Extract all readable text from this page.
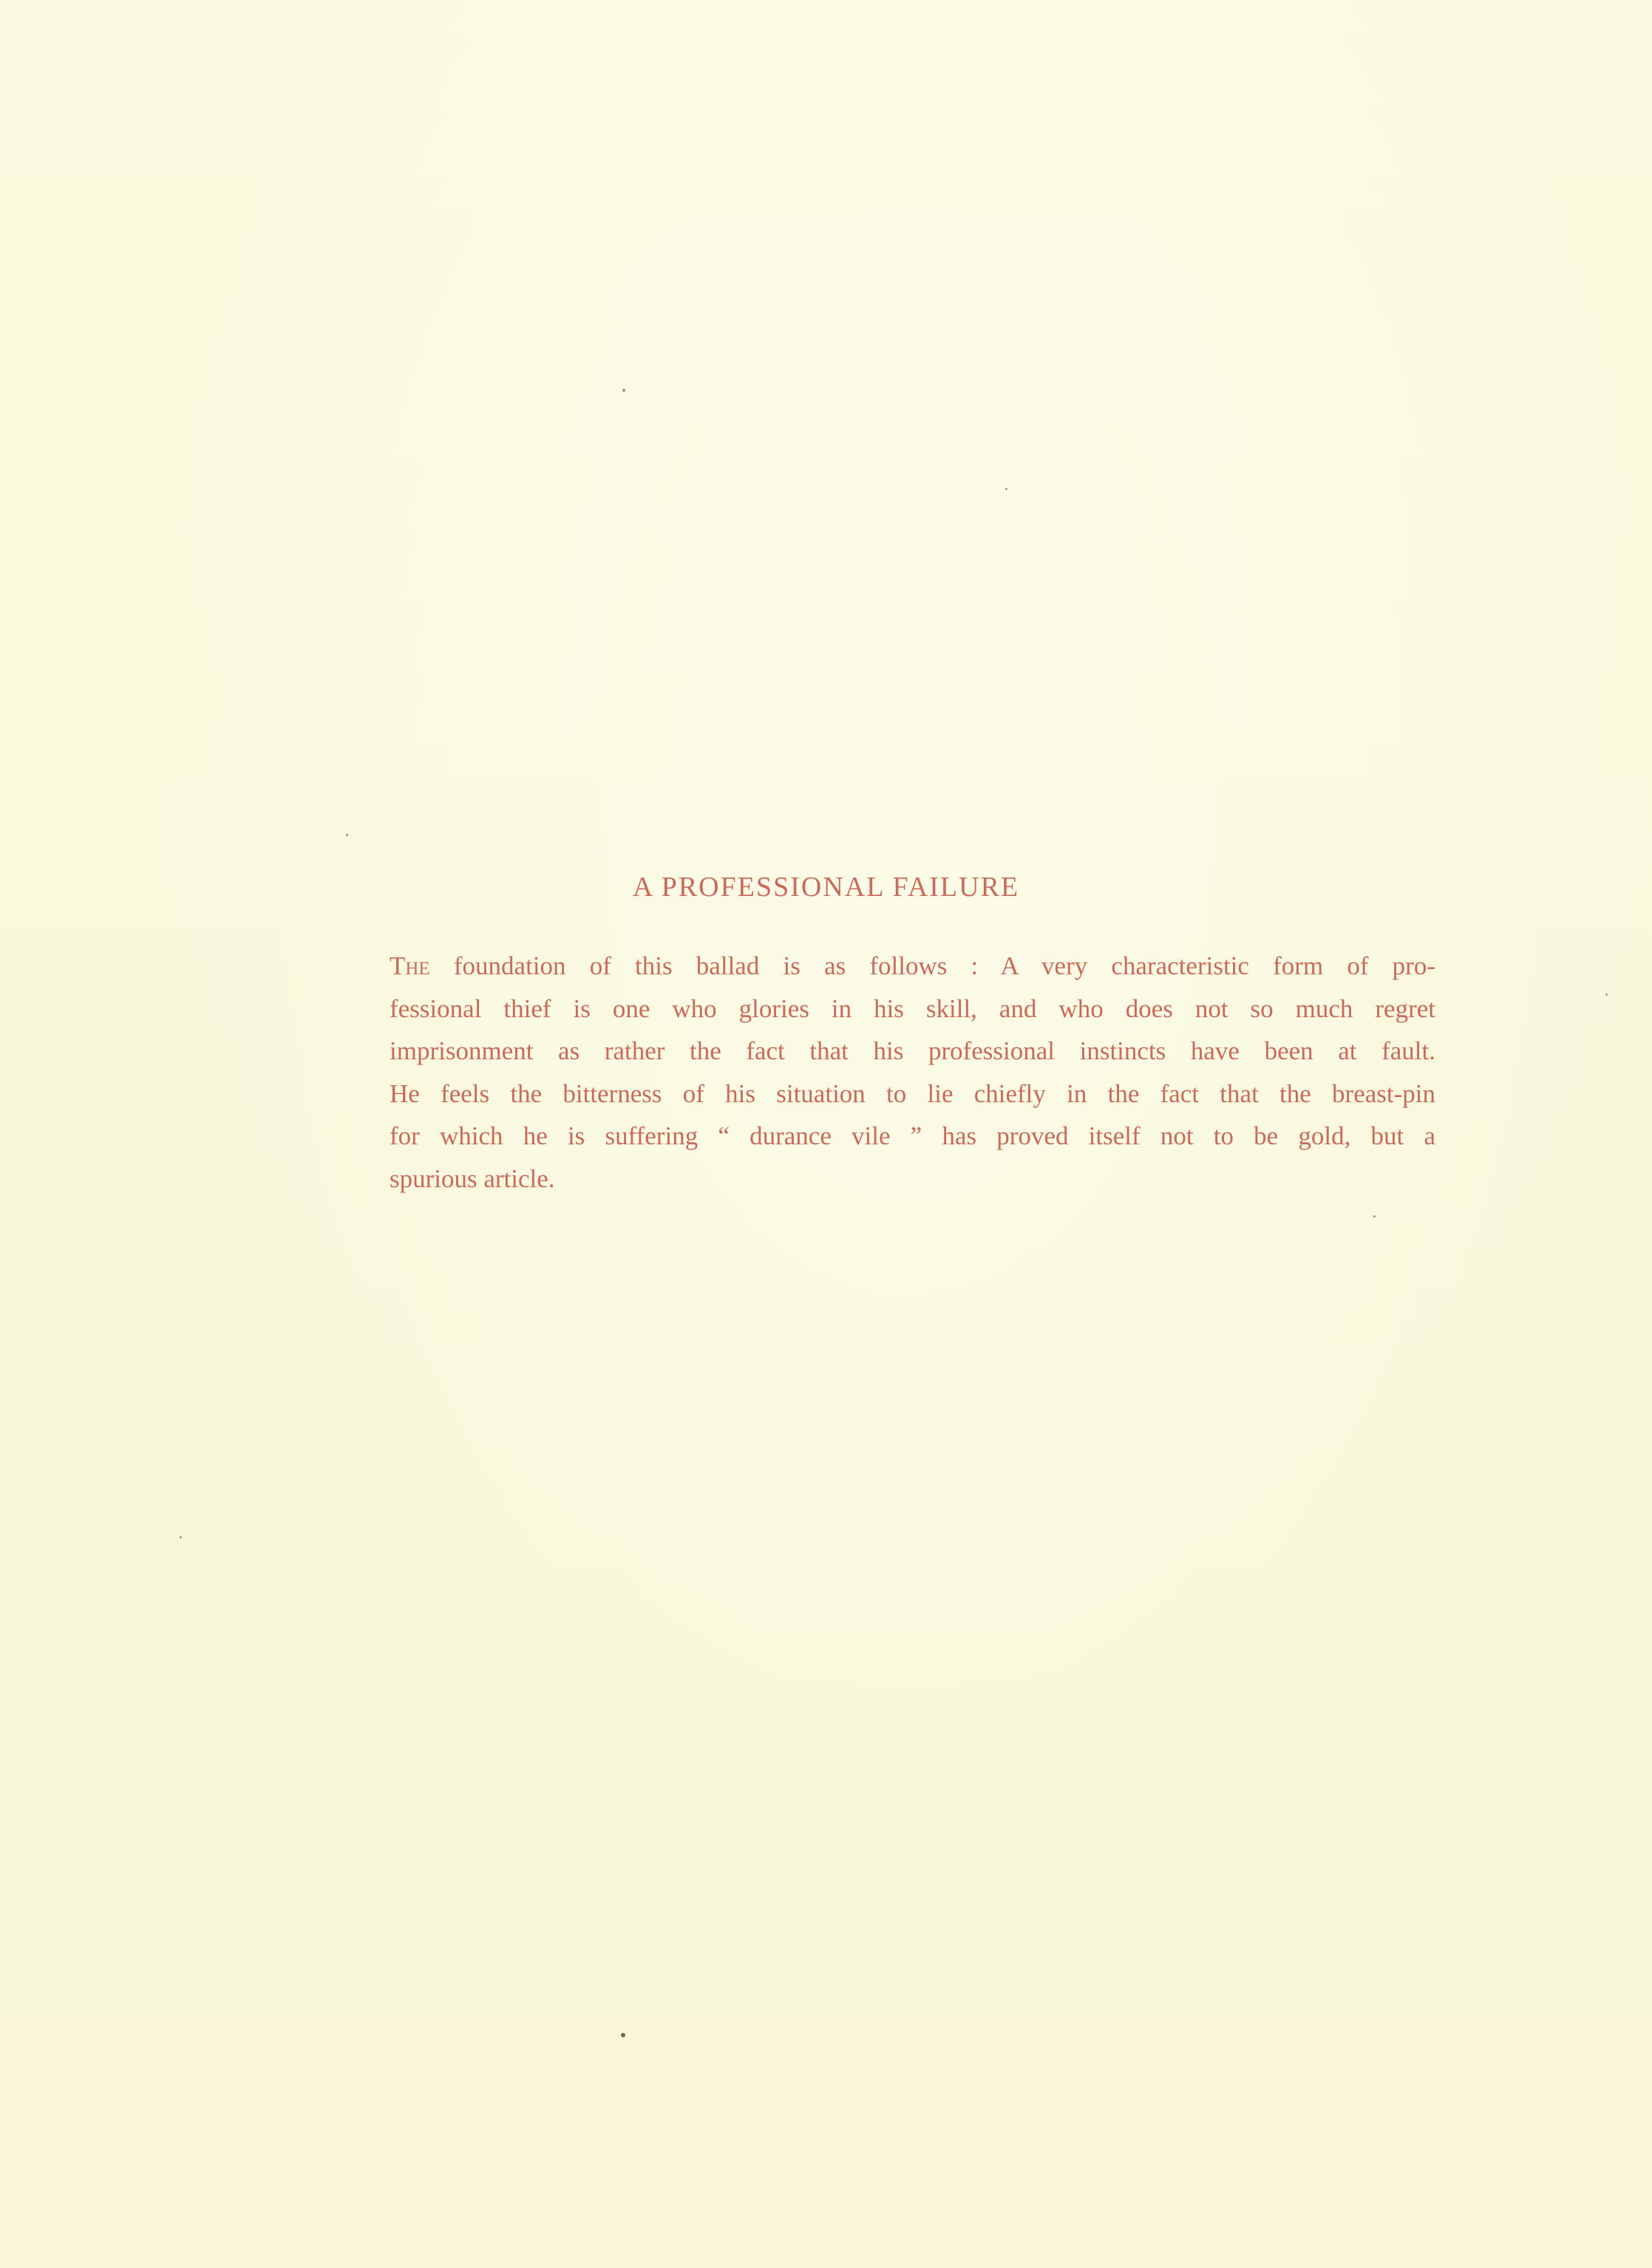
A PROFESSIONAL FAILURE
The foundation of this ballad is as follows : A very characteristic form of pro-
fessional thief is one who glories in his skill, and who does not so much regret
imprisonment as rather the fact that his professional instincts have been at fault.
He feels the bitterness of his situation to lie chiefly in the fact that the breast-pin
for which he is suffering “ durance vile ” has proved itself not to be gold, but a
spurious article.
